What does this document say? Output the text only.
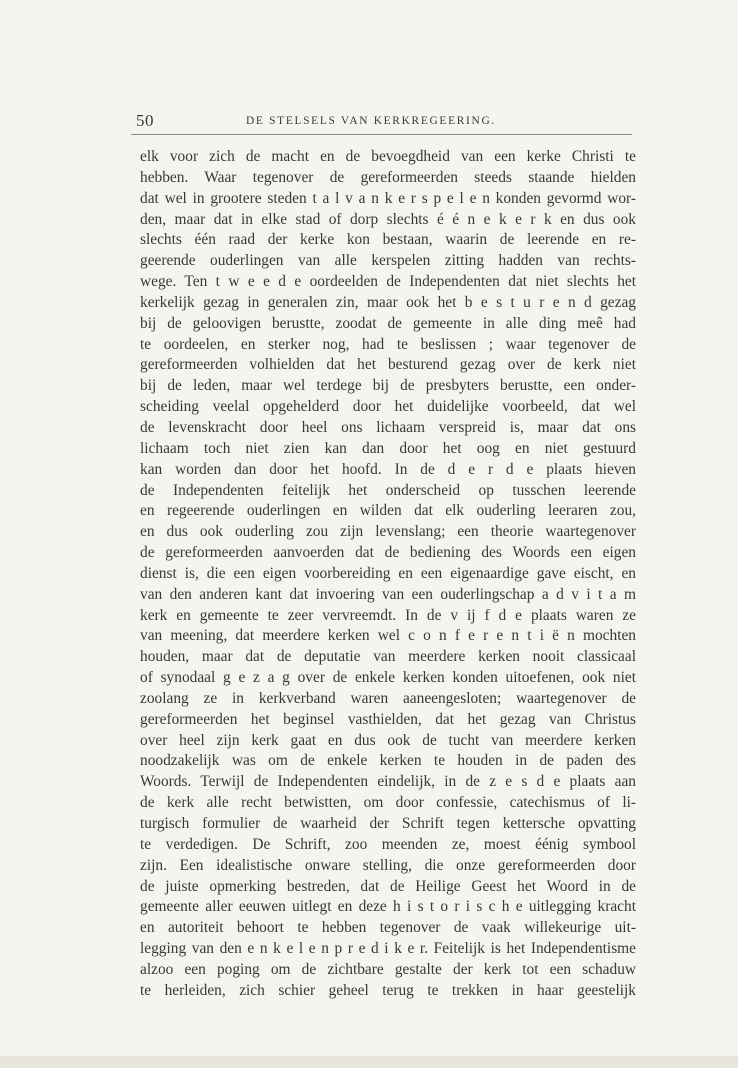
50	DE STELSELS VAN KERKREGEERING.

elk voor zich de macht en de bevoegdheid van een kerke Christi te
hebben. Waar tegenover de gereformeerden steeds staande hielden
dat wel in grootere steden t a l v a n k e r s p e l e n konden gevormd wor-
den, maar dat in elke stad of dorp slechts é é n e k e r k en dus ook
slechts één raad der kerke kon bestaan, waarin de leerende en re-
geerende ouderlingen van alle kerspelen zitting hadden van rechts-
wege. Ten t w e e d e oordeelden de Independenten dat niet slechts het
kerkelijk gezag in generalen zin, maar ook het b e s t u r e n d gezag
bij de geloovigen berustte, zoodat de gemeente in alle ding meê had
te oordeelen, en sterker nog, had te beslissen ; waar tegenover de
gereformeerden volhielden dat het besturend gezag over de kerk niet
bij de leden, maar wel terdege bij de presbyters berustte, een onder-
scheiding veelal opgehelderd door het duidelijke voorbeeld, dat wel
de levenskracht door heel ons lichaam verspreid is, maar dat ons
lichaam toch niet zien kan dan door het oog en niet gestuurd
kan worden dan door het hoofd. In de d e r d e plaats hieven
de Independenten feitelijk het onderscheid op tusschen leerende
en regeerende ouderlingen en wilden dat elk ouderling leeraren zou,
en dus ook ouderling zou zijn levenslang; een theorie waartegenover
de gereformeerden aanvoerden dat de bediening des Woords een eigen
dienst is, die een eigen voorbereiding en een eigenaardige gave eischt, en
van den anderen kant dat invoering van een ouderlingschap a d v i t a m
kerk en gemeente te zeer vervreemdt. In de v ij f d e plaats waren ze
van meening, dat meerdere kerken wel c o n f e r e n t i ë n mochten
houden, maar dat de deputatie van meerdere kerken nooit classicaal
of synodaal g e z a g over de enkele kerken konden uitoefenen, ook niet
zoolang ze in kerkverband waren aaneengesloten; waartegenover de
gereformeerden het beginsel vasthielden, dat het gezag van Christus
over heel zijn kerk gaat en dus ook de tucht van meerdere kerken
noodzakelijk was om de enkele kerken te houden in de paden des
Woords. Terwijl de Independenten eindelijk, in de z e s d e plaats aan
de kerk alle recht betwistten, om door confessie, catechismus of li-
turgisch formulier de waarheid der Schrift tegen kettersche opvatting
te verdedigen. De Schrift, zoo meenden ze, moest éénig symbool
zijn. Een idealistische onware stelling, die onze gereformeerden door
de juiste opmerking bestreden, dat de Heilige Geest het Woord in de
gemeente aller eeuwen uitlegt en deze h i s t o r i s c h e uitlegging kracht
en autoriteit behoort te hebben tegenover de vaak willekeurige uit-
legging van den e n k e l e n p r e d i k e r. Feitelijk is het Independentisme
alzoo een poging om de zichtbare gestalte der kerk tot een schaduw
te herleiden, zich schier geheel terug te trekken in haar geestelijk
